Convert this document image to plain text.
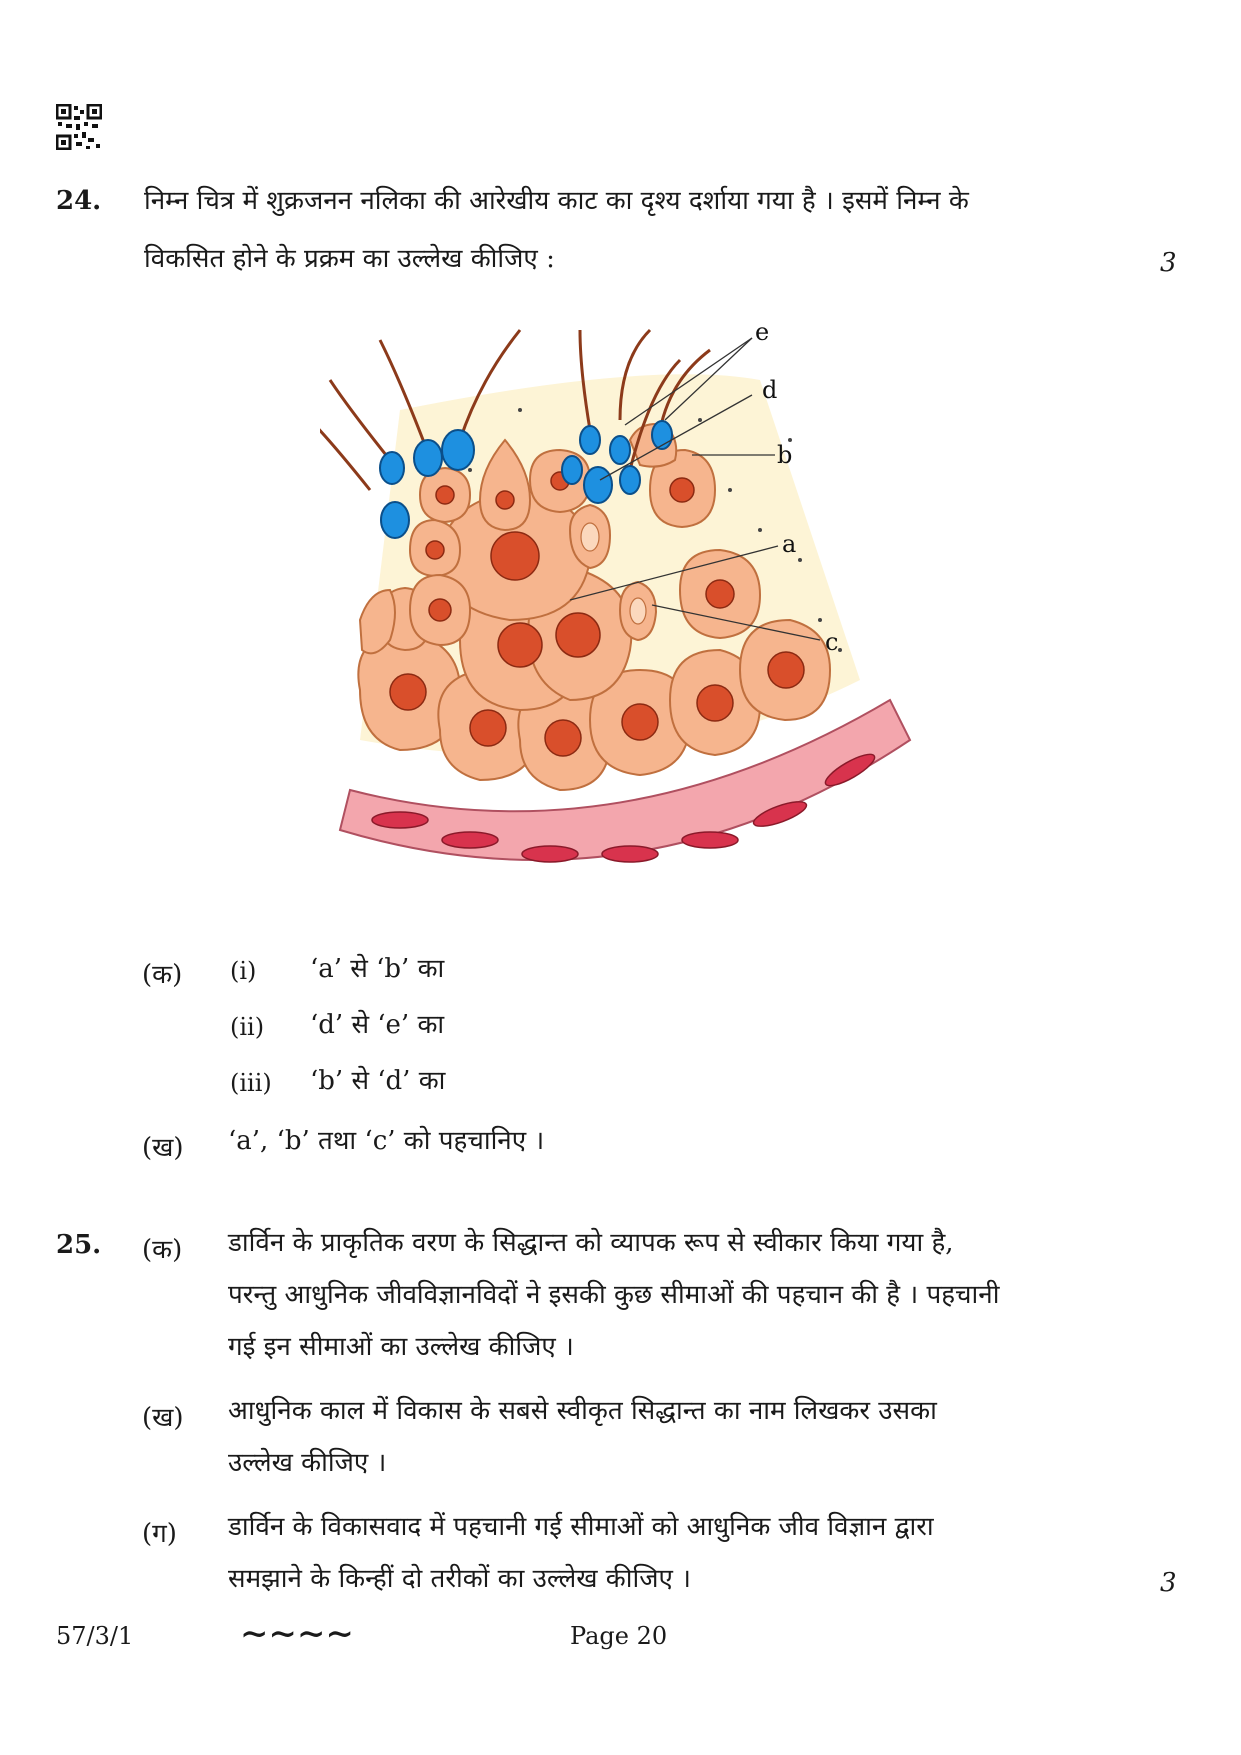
24. निम्न चित्र में शुक्रजनन नलिका की आरेखीय काट का दृश्य दर्शाया गया है । इसमें निम्न के
विकसित होने के प्रक्रम का उल्लेख कीजिए :	3
e
d
b
a
c
(क) (i) ‘a’ से ‘b’ का
(ii) ‘d’ से ‘e’ का
(iii) ‘b’ से ‘d’ का
(ख) ‘a’, ‘b’ तथा ‘c’ को पहचानिए ।
25. (क) डार्विन के प्राकृतिक वरण के सिद्धान्त को व्यापक रूप से स्वीकार किया गया है,
परन्तु आधुनिक जीवविज्ञानविदों ने इसकी कुछ सीमाओं की पहचान की है । पहचानी
गई इन सीमाओं का उल्लेख कीजिए ।
(ख) आधुनिक काल में विकास के सबसे स्वीकृत सिद्धान्त का नाम लिखकर उसका
उल्लेख कीजिए ।
(ग) डार्विन के विकासवाद में पहचानी गई सीमाओं को आधुनिक जीव विज्ञान द्वारा
समझाने के किन्हीं दो तरीकों का उल्लेख कीजिए ।	3
57/3/1	∼∼∼∼	Page 20
